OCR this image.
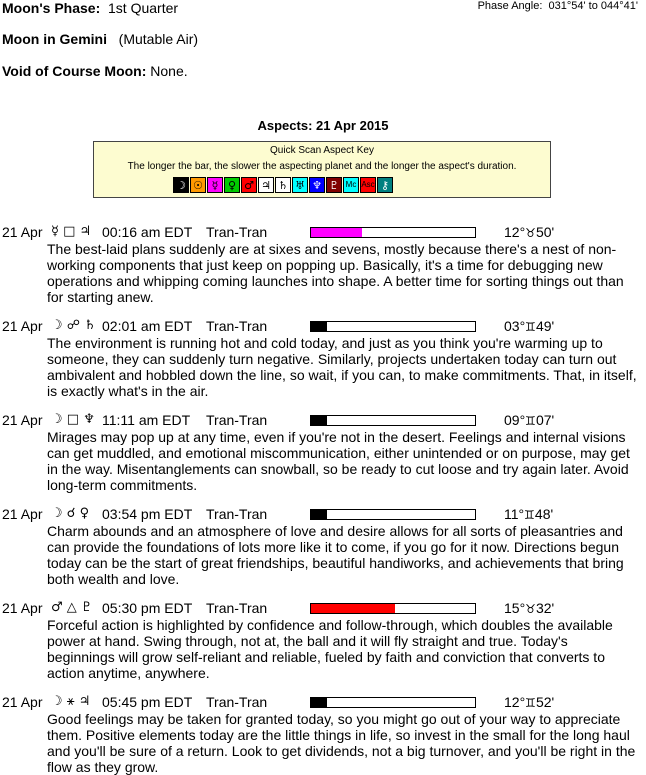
Moon's Phase: 1st Quarter	Phase Angle: 031°54' to 044°41'
Moon in Gemini (Mutable Air)
Void of Course Moon: None.
Aspects: 21 Apr 2015
Quick Scan Aspect Key
The longer the bar, the slower the aspecting planet and the longer the aspect's duration.
☽ ☉ ☿ ♀ ♂ ♃ ♄ ♅ ♆ ♇ Mc Asc ⚷
21 Apr ☿ □ ♃ 00:16 am EDT Tran-Tran	12°♉50'
The best-laid plans suddenly are at sixes and sevens, mostly because there's a nest of non-working components that just keep on popping up. Basically, it's a time for debugging new operations and whipping coming launches into shape. A better time for sorting things out than for starting anew.
21 Apr ☽ ☍ ♄ 02:01 am EDT Tran-Tran	03°♊49'
The environment is running hot and cold today, and just as you think you're warming up to someone, they can suddenly turn negative. Similarly, projects undertaken today can turn out ambivalent and hobbled down the line, so wait, if you can, to make commitments. That, in itself, is exactly what's in the air.
21 Apr ☽ □ ♆ 11:11 am EDT Tran-Tran	09°♊07'
Mirages may pop up at any time, even if you're not in the desert. Feelings and internal visions can get muddled, and emotional miscommunication, either unintended or on purpose, may get in the way. Misentanglements can snowball, so be ready to cut loose and try again later. Avoid long-term commitments.
21 Apr ☽ ☌ ♀ 03:54 pm EDT Tran-Tran	11°♊48'
Charm abounds and an atmosphere of love and desire allows for all sorts of pleasantries and can provide the foundations of lots more like it to come, if you go for it now. Directions begun today can be the start of great friendships, beautiful handiworks, and achievements that bring both wealth and love.
21 Apr ♂ △ ♇ 05:30 pm EDT Tran-Tran	15°♉32'
Forceful action is highlighted by confidence and follow-through, which doubles the available power at hand. Swing through, not at, the ball and it will fly straight and true. Today's beginnings will grow self-reliant and reliable, fueled by faith and conviction that converts to action anytime, anywhere.
21 Apr ☽ ⚹ ♃ 05:45 pm EDT Tran-Tran	12°♊52'
Good feelings may be taken for granted today, so you might go out of your way to appreciate them. Positive elements today are the little things in life, so invest in the small for the long haul and you'll be sure of a return. Look to get dividends, not a big turnover, and you'll be right in the flow as they grow.
